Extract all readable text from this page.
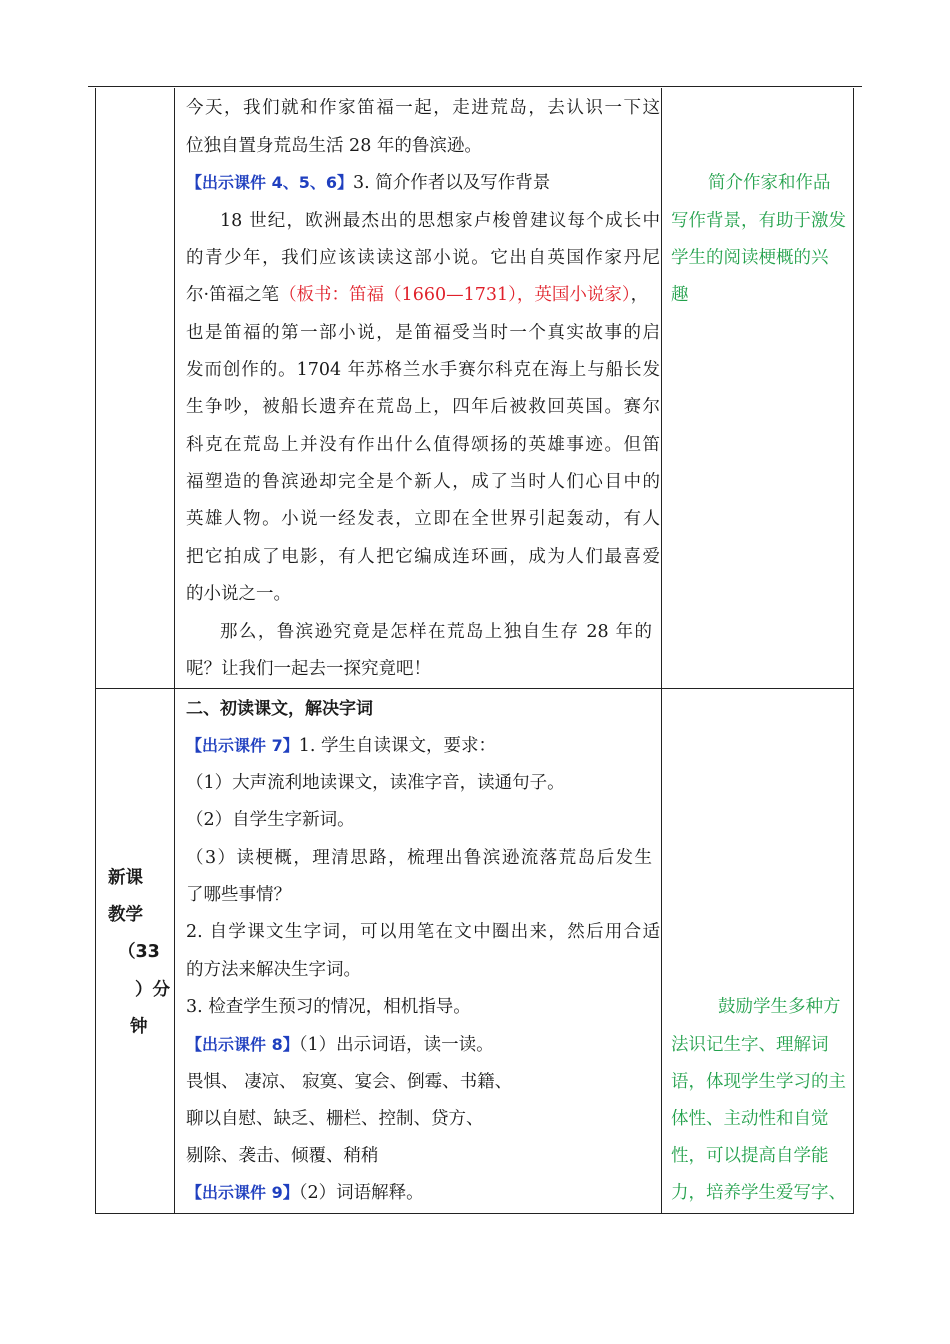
今天，我们就和作家笛福一起，走进荒岛，去认识一下这
位独自置身荒岛生活 28 年的鲁滨逊。
【出示课件 4、5、6】3. 简介作者以及写作背景
18 世纪，欧洲最杰出的思想家卢梭曾建议每个成长中
的青少年，我们应该读读这部小说。它出自英国作家丹尼
尔·笛福之笔（板书：笛福（1660—1731），英国小说家），
也是笛福的第一部小说，是笛福受当时一个真实故事的启
发而创作的。1704 年苏格兰水手赛尔科克在海上与船长发
生争吵，被船长遗弃在荒岛上，四年后被救回英国。赛尔
科克在荒岛上并没有作出什么值得颂扬的英雄事迹。但笛
福塑造的鲁滨逊却完全是个新人，成了当时人们心目中的
英雄人物。小说一经发表，立即在全世界引起轰动，有人
把它拍成了电影，有人把它编成连环画，成为人们最喜爱
的小说之一。
那么，鲁滨逊究竟是怎样在荒岛上独自生存 28 年的
呢？让我们一起去一探究竟吧！
简介作家和作品
写作背景，有助于激发
学生的阅读梗概的兴
趣
新课
教学
（33
）分
钟
二、初读课文，解决字词
【出示课件 7】1. 学生自读课文，要求：
（1）大声流利地读课文，读准字音，读通句子。
（2）自学生字新词。
（3）读梗概，理清思路，梳理出鲁滨逊流落荒岛后发生
了哪些事情？
2. 自学课文生字词，可以用笔在文中圈出来，然后用合适
的方法来解决生字词。
3. 检查学生预习的情况，相机指导。
【出示课件 8】（1）出示词语，读一读。
畏惧、 凄凉、 寂寞、宴会、倒霉、书籍、
聊以自慰、缺乏、栅栏、控制、贷方、
剔除、袭击、倾覆、稍稍
【出示课件 9】（2）词语解释。
鼓励学生多种方
法识记生字、理解词
语，体现学生学习的主
体性、主动性和自觉
性，可以提高自学能
力，培养学生爱写字、
